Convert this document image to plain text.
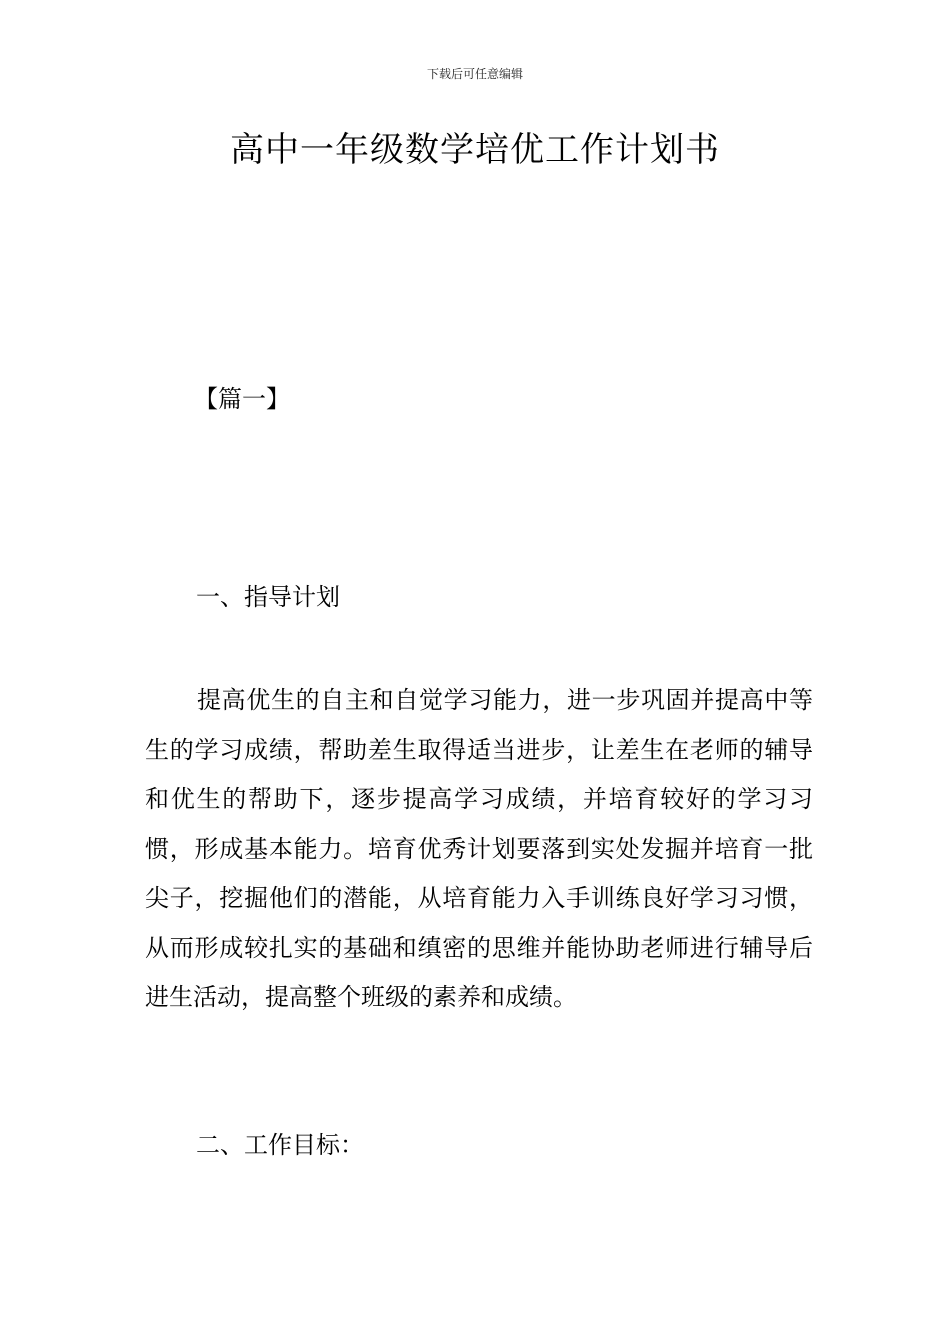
下载后可任意编辑
高中一年级数学培优工作计划书
【篇一】
一、指导计划

提高优生的自主和自觉学习能力，进一步巩固并提高中等生的学习成绩，帮助差生取得适当进步，让差生在老师的辅导和优生的帮助下，逐步提高学习成绩，并培育较好的学习习惯，形成基本能力。培育优秀计划要落到实处发掘并培育一批尖子，挖掘他们的潜能，从培育能力入手训练良好学习习惯，从而形成较扎实的基础和缜密的思维并能协助老师进行辅导后进生活动，提高整个班级的素养和成绩。

二、工作目标：
